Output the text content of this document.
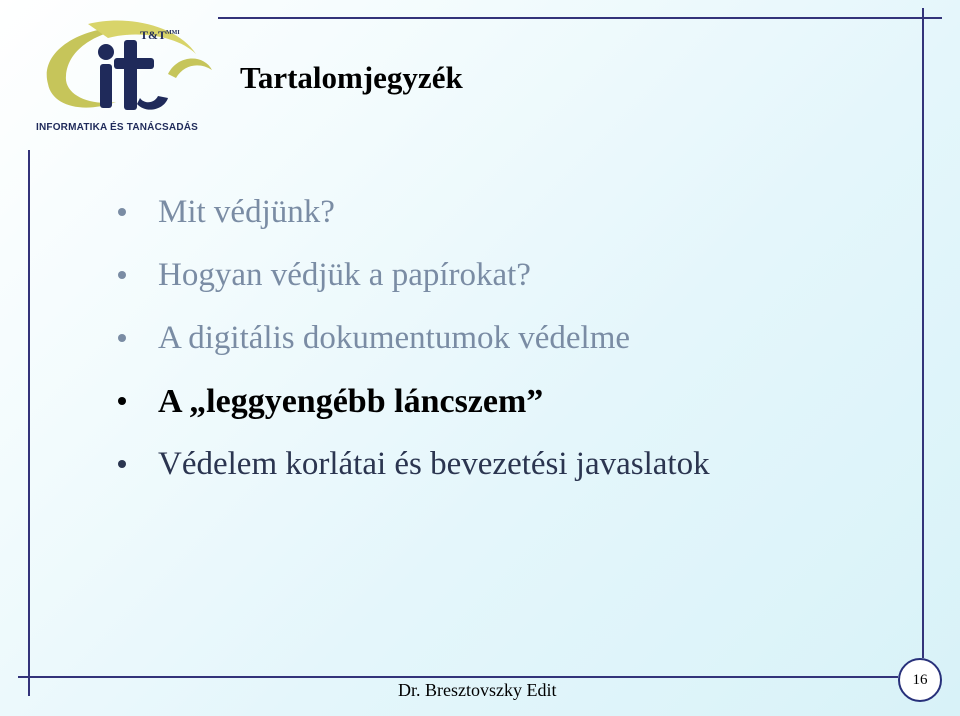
$T\&T^{MMI}$
INFORMATIKA ÉS TANÁCSADÁS
Tartalomjegyzék
Mit védjünk?
Hogyan védjük a papírokat?
A digitális dokumentumok védelme
A „leggyengébb láncszem”
Védelem korlátai és bevezetési javaslatok
Dr. Bresztovszky Edit
16
